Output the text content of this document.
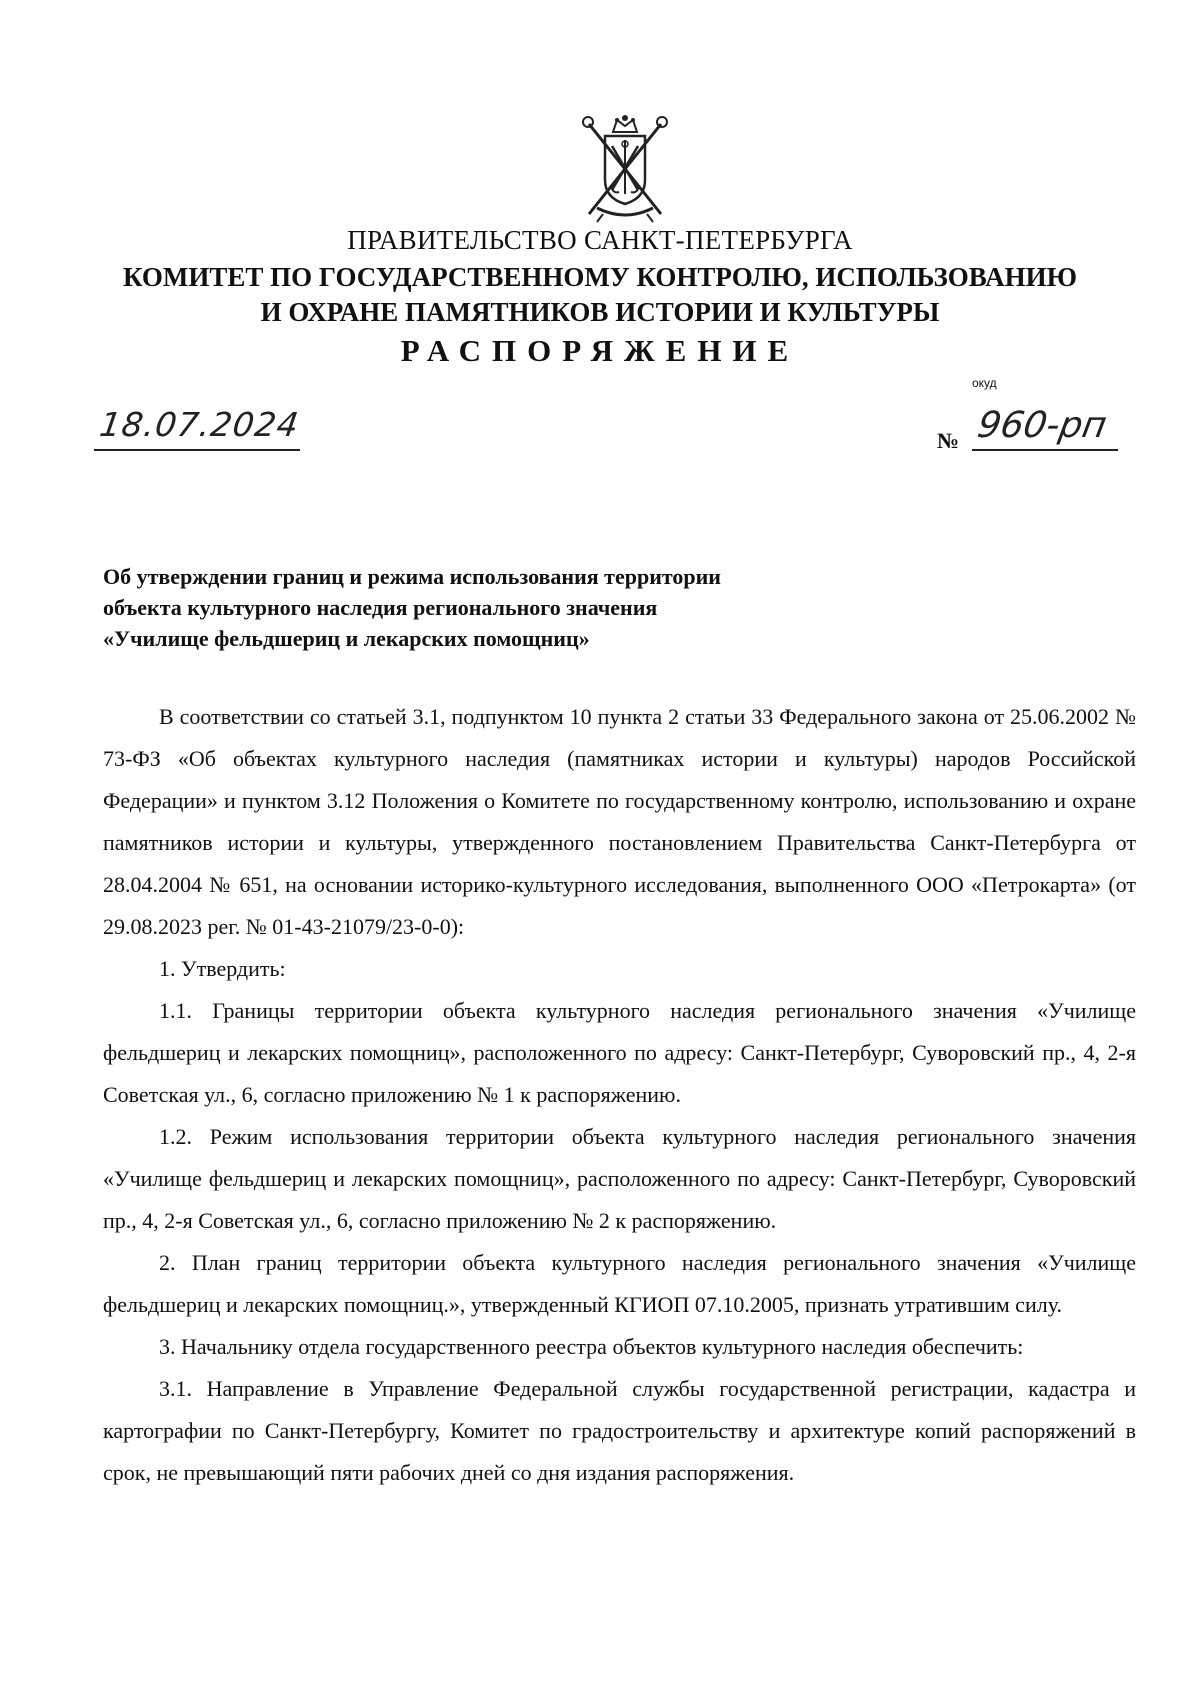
ПРАВИТЕЛЬСТВО САНКТ-ПЕТЕРБУРГА
КОМИТЕТ ПО ГОСУДАРСТВЕННОМУ КОНТРОЛЮ, ИСПОЛЬЗОВАНИЮ
И ОХРАНЕ ПАМЯТНИКОВ ИСТОРИИ И КУЛЬТУРЫ
РАСПОРЯЖЕНИЕ
окуд
18.07.2024	№ 960-рп
Об утверждении границ и режима использования территории
объекта культурного наследия регионального значения
«Училище фельдшериц и лекарских помощниц»

В соответствии со статьей 3.1, подпунктом 10 пункта 2 статьи 33 Федерального закона от 25.06.2002 № 73-ФЗ «Об объектах культурного наследия (памятниках истории и культуры) народов Российской Федерации» и пунктом 3.12 Положения о Комитете по государственному контролю, использованию и охране памятников истории и культуры, утвержденного постановлением Правительства Санкт-Петербурга от 28.04.2004 № 651, на основании историко-культурного исследования, выполненного ООО «Петрокарта» (от 29.08.2023 рег. № 01-43-21079/23-0-0):

1. Утвердить:

1.1. Границы территории объекта культурного наследия регионального значения «Училище фельдшериц и лекарских помощниц», расположенного по адресу: Санкт-Петербург, Суворовский пр., 4, 2-я Советская ул., 6, согласно приложению № 1 к распоряжению.

1.2. Режим использования территории объекта культурного наследия регионального значения «Училище фельдшериц и лекарских помощниц», расположенного по адресу: Санкт-Петербург, Суворовский пр., 4, 2-я Советская ул., 6, согласно приложению № 2 к распоряжению.

2. План границ территории объекта культурного наследия регионального значения «Училище фельдшериц и лекарских помощниц.», утвержденный КГИОП 07.10.2005, признать утратившим силу.

3. Начальнику отдела государственного реестра объектов культурного наследия обеспечить:

3.1. Направление в Управление Федеральной службы государственной регистрации, кадастра и картографии по Санкт-Петербургу, Комитет по градостроительству и архитектуре копий распоряжений в срок, не превышающий пяти рабочих дней со дня издания распоряжения.
